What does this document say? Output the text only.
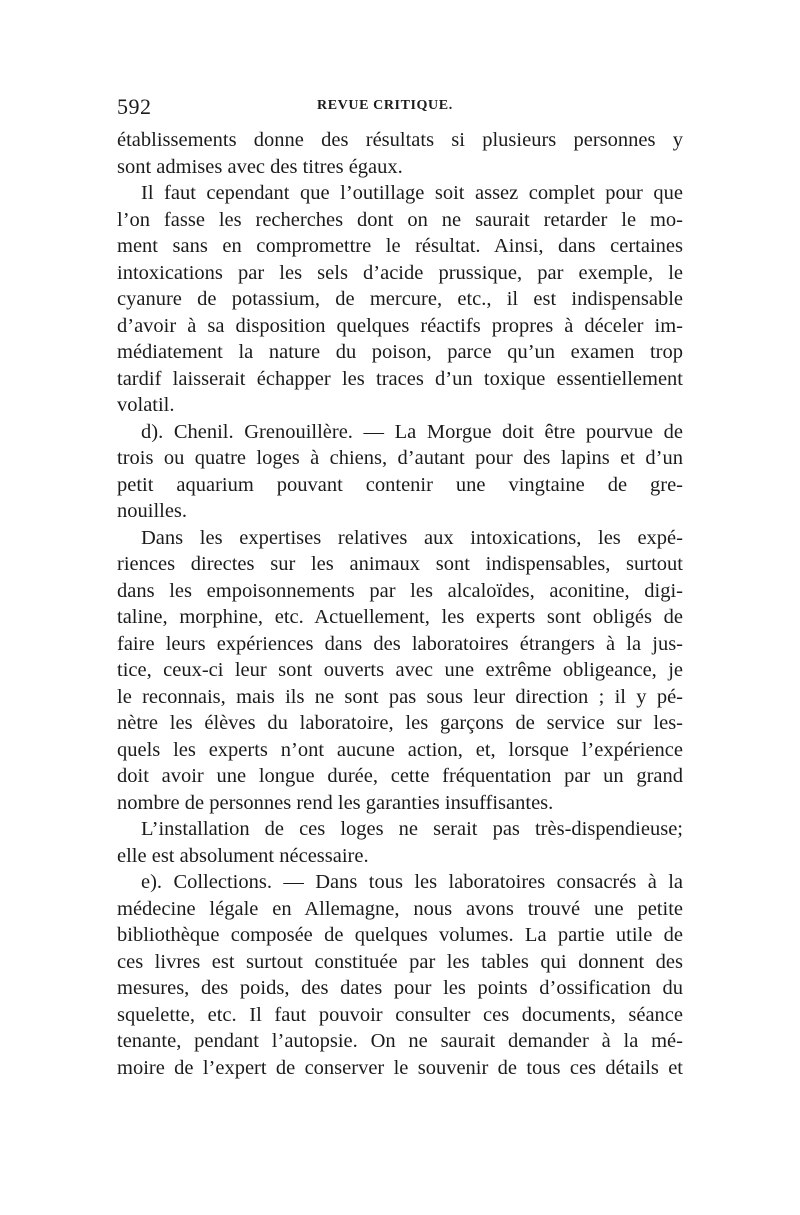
592	REVUE CRITIQUE.
établissements donne des résultats si plusieurs personnes y
sont admises avec des titres égaux.
Il faut cependant que l’outillage soit assez complet pour que
l’on fasse les recherches dont on ne saurait retarder le mo-
ment sans en compromettre le résultat. Ainsi, dans certaines
intoxications par les sels d’acide prussique, par exemple, le
cyanure de potassium, de mercure, etc., il est indispensable
d’avoir à sa disposition quelques réactifs propres à déceler im-
médiatement la nature du poison, parce qu’un examen trop
tardif laisserait échapper les traces d’un toxique essentiellement
volatil.
d). Chenil. Grenouillère. — La Morgue doit être pourvue de
trois ou quatre loges à chiens, d’autant pour des lapins et d’un
petit aquarium pouvant contenir une vingtaine de gre-
nouilles.
Dans les expertises relatives aux intoxications, les expé-
riences directes sur les animaux sont indispensables, surtout
dans les empoisonnements par les alcaloïdes, aconitine, digi-
taline, morphine, etc. Actuellement, les experts sont obligés de
faire leurs expériences dans des laboratoires étrangers à la jus-
tice, ceux-ci leur sont ouverts avec une extrême obligeance, je
le reconnais, mais ils ne sont pas sous leur direction ; il y pé-
nètre les élèves du laboratoire, les garçons de service sur les-
quels les experts n’ont aucune action, et, lorsque l’expérience
doit avoir une longue durée, cette fréquentation par un grand
nombre de personnes rend les garanties insuffisantes.
L’installation de ces loges ne serait pas très-dispendieuse;
elle est absolument nécessaire.
e). Collections. — Dans tous les laboratoires consacrés à la
médecine légale en Allemagne, nous avons trouvé une petite
bibliothèque composée de quelques volumes. La partie utile de
ces livres est surtout constituée par les tables qui donnent des
mesures, des poids, des dates pour les points d’ossification du
squelette, etc. Il faut pouvoir consulter ces documents, séance
tenante, pendant l’autopsie. On ne saurait demander à la mé-
moire de l’expert de conserver le souvenir de tous ces détails et
